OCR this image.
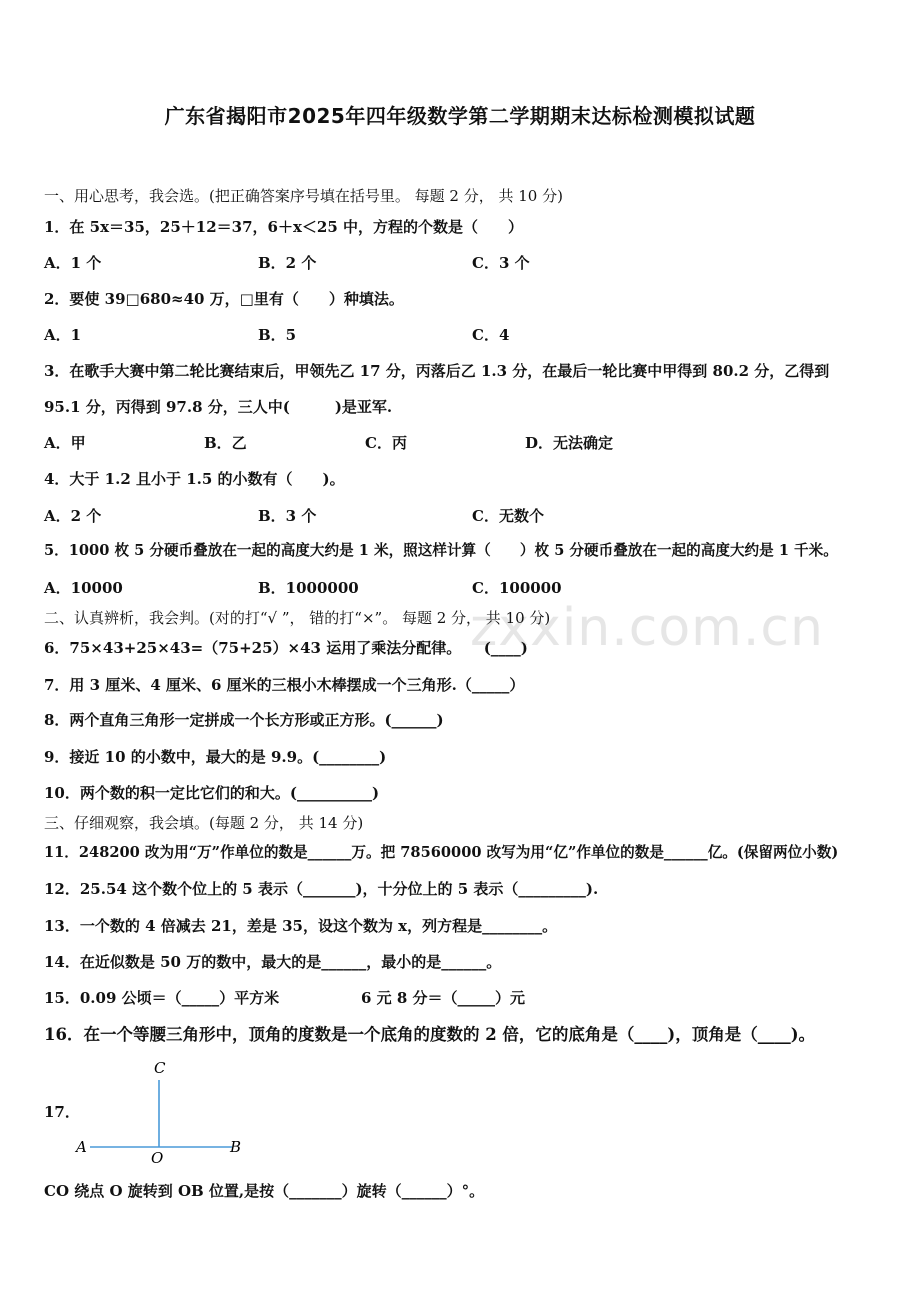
zxxin.com.cn
广东省揭阳市2025年四年级数学第二学期期末达标检测模拟试题
一、用心思考，我会选。(把正确答案序号填在括号里。 每题 2 分， 共 10 分)
1．在 5x＝35，25＋12＝37，6＋x＜25 中，方程的个数是（　　）
A．1 个	B．2 个	C．3 个
2．要使 39□680≈40 万，□里有（　　）种填法。
A．1	B．5	C．4
3．在歌手大赛中第二轮比赛结束后，甲领先乙 17 分，丙落后乙 1.3 分，在最后一轮比赛中甲得到 80.2 分，乙得到
95.1 分，丙得到 97.8 分，三人中(　　　)是亚军.
A．甲	B．乙	C．丙	D．无法确定
4．大于 1.2 且小于 1.5 的小数有（　　)。
A．2 个	B．3 个	C．无数个
5．1000 枚 5 分硬币叠放在一起的高度大约是 1 米，照这样计算（　　）枚 5 分硬币叠放在一起的高度大约是 1 千米。
A．10000	B．1000000	C．100000
二、认真辨析，我会判。(对的打“√ ”， 错的打“×”。 每题 2 分， 共 10 分)
6．75×43+25×43=（75+25）×43 运用了乘法分配律。　　(____)
7．用 3 厘米、4 厘米、6 厘米的三根小木棒摆成一个三角形.（_____）
8．两个直角三角形一定拼成一个长方形或正方形。(______)
9．接近 10 的小数中，最大的是 9.9。(________)
10．两个数的积一定比它们的和大。(__________)
三、仔细观察，我会填。(每题 2 分， 共 14 分)
11．248200 改为用“万”作单位的数是______万。把 78560000 改写为用“亿”作单位的数是______亿。(保留两位小数)
12．25.54 这个数个位上的 5 表示（_______)，十分位上的 5 表示（_________).
13．一个数的 4 倍减去 21，差是 35，设这个数为 x，列方程是________。
14．在近似数是 50 万的数中，最大的是______，最小的是______。
15．0.09 公顷＝（_____）平方米	6 元 8 分＝（_____）元
16．在一个等腰三角形中，顶角的度数是一个底角的度数的 2 倍，它的底角是（____)，顶角是（____)。
17．
C
A
O
B
CO 绕点 O 旋转到 OB 位置,是按（_______）旋转（______）°。
